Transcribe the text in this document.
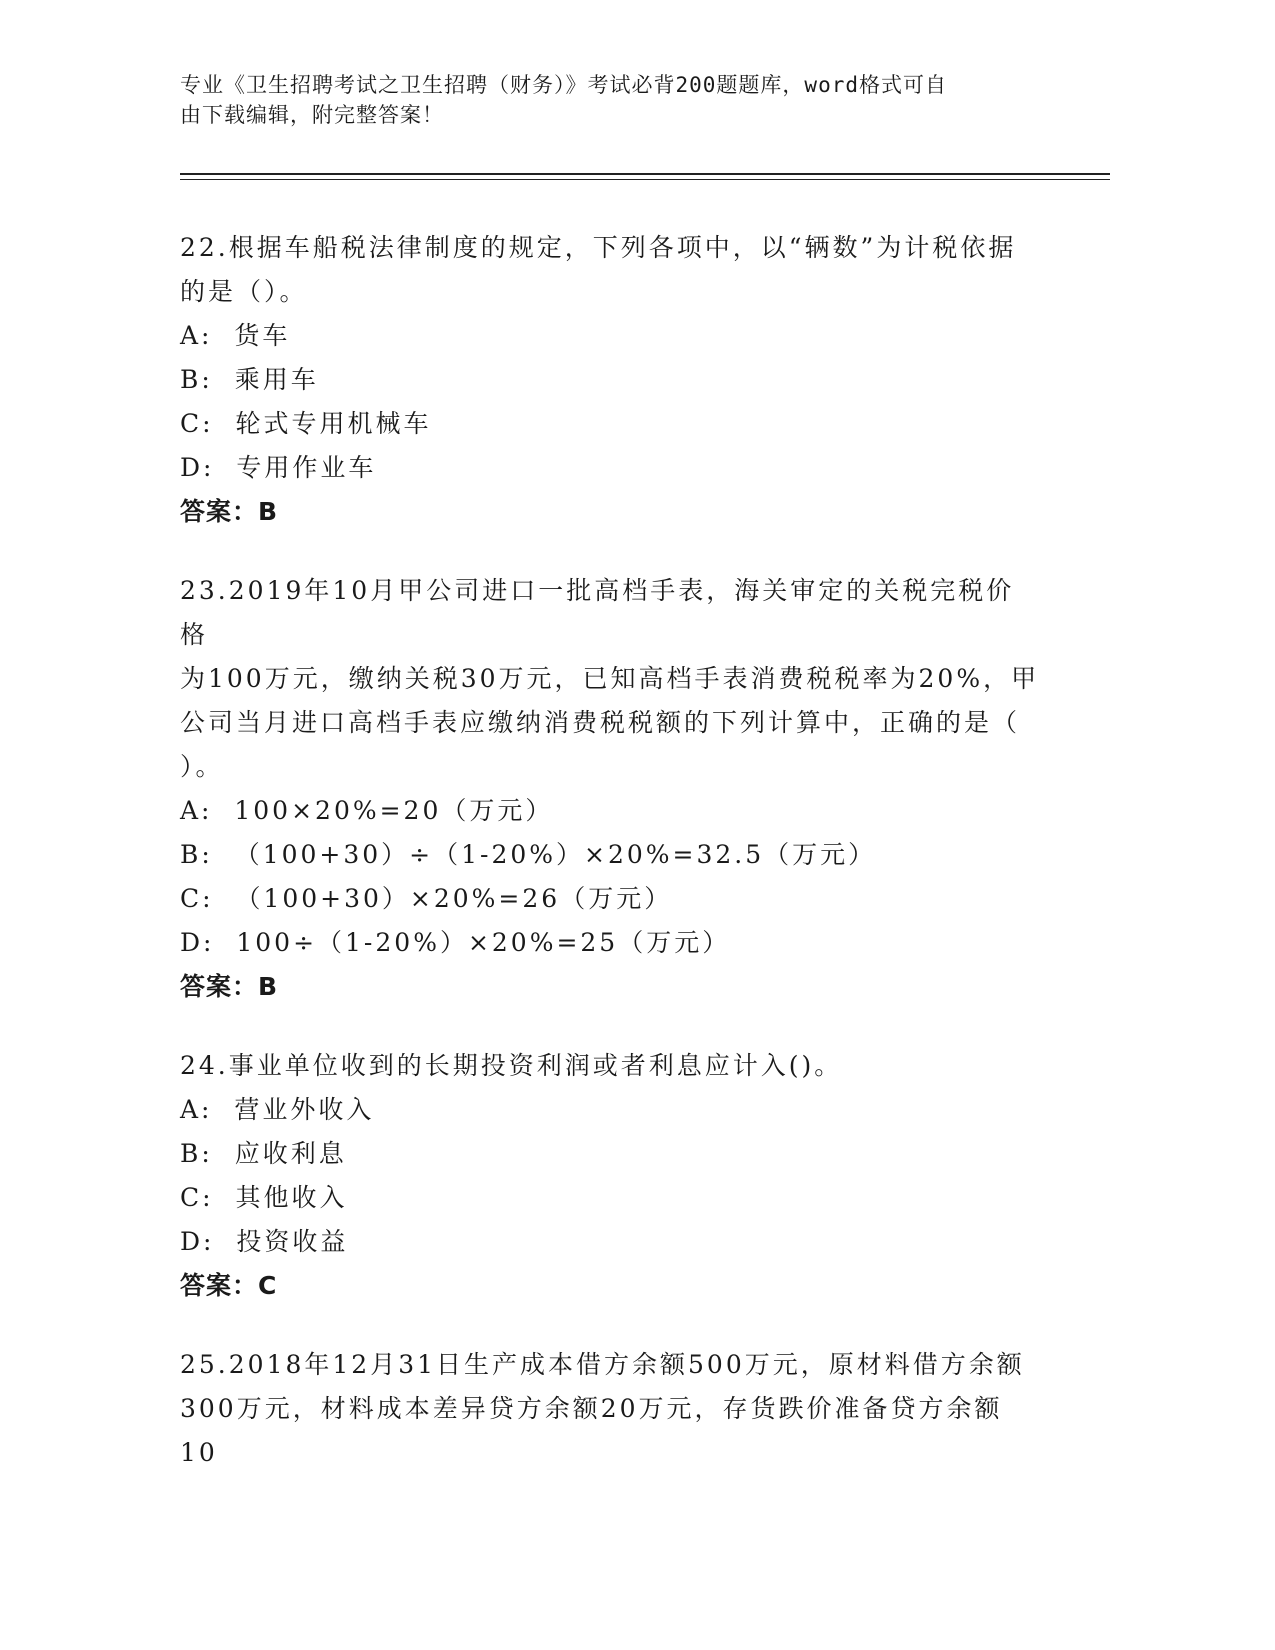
专业《卫生招聘考试之卫生招聘（财务）》考试必背200题题库，word格式可自
由下载编辑，附完整答案！

22.根据车船税法律制度的规定，下列各项中，以“辆数”为计税依据

的是（）。

A:  货车

B:  乘用车

C:  轮式专用机械车

D:  专用作业车

答案：B

23.2019年10月甲公司进口一批高档手表，海关审定的关税完税价格

为100万元，缴纳关税30万元，已知高档手表消费税税率为20%，甲

公司当月进口高档手表应缴纳消费税税额的下列计算中，正确的是（

）。

A:  100×20%=20（万元）

B:  （100+30）÷（1-20%）×20%=32.5（万元）

C:  （100+30）×20%=26（万元）

D:  100÷（1-20%）×20%=25（万元）

答案：B

24.事业单位收到的长期投资利润或者利息应计入()。

A:  营业外收入

B:  应收利息

C:  其他收入

D:  投资收益

答案：C

25.2018年12月31日生产成本借方余额500万元，原材料借方余额

300万元，材料成本差异贷方余额20万元，存货跌价准备贷方余额10
